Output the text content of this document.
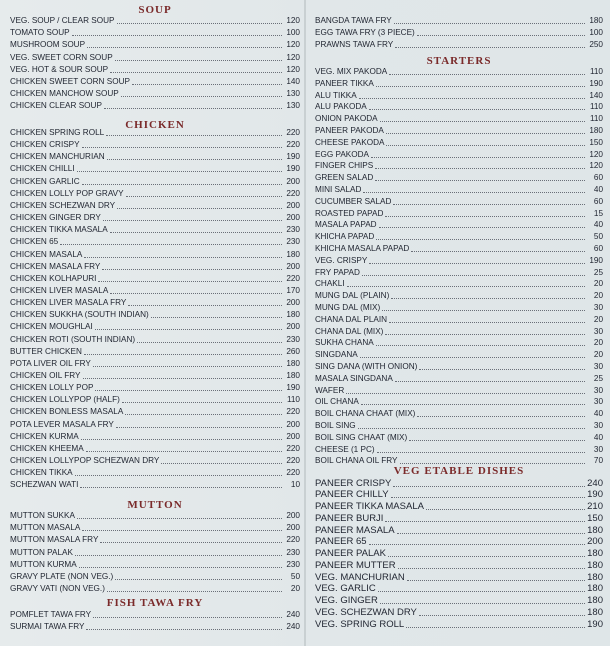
SOUP
VEG. SOUP / CLEAR SOUP	120
TOMATO SOUP	100
MUSHROOM SOUP	120
VEG. SWEET CORN SOUP	120
VEG. HOT & SOUR SOUP	120
CHICKEN SWEET CORN SOUP	140
CHICKEN MANCHOW SOUP	130
CHICKEN CLEAR SOUP	130
CHICKEN
CHICKEN SPRING ROLL	220
CHICKEN CRISPY	220
CHICKEN MANCHURIAN	190
CHICKEN CHILLI	190
CHICKEN GARLIC	200
CHICKEN LOLLY POP GRAVY	220
CHICKEN SCHEZWAN DRY	200
CHICKEN GINGER DRY	200
CHICKEN TIKKA MASALA	230
CHICKEN 65	230
CHICKEN MASALA	180
CHICKEN MASALA FRY	200
CHICKEN KOLHAPURI	220
CHICKEN LIVER MASALA	170
CHICKEN LIVER MASALA FRY	200
CHICKEN SUKKHA (SOUTH INDIAN)	180
CHICKEN MOUGHLAI	200
CHICKEN ROTI (SOUTH INDIAN)	230
BUTTER CHICKEN	260
POTA LIVER OIL FRY	180
CHICKEN OIL FRY	180
CHICKEN LOLLY POP	190
CHICKEN LOLLYPOP (HALF)	110
CHICKEN BONLESS MASALA	220
POTA LEVER MASALA FRY	200
CHICKEN KURMA	200
CHICKEN KHEEMA	220
CHICKEN LOLLYPOP SCHEZWAN DRY	220
CHICKEN TIKKA	220
SCHEZWAN WATI	10
MUTTON
MUTTON SUKKA	200
MUTTON MASALA	200
MUTTON MASALA FRY	220
MUTTON PALAK	230
MUTTON KURMA	230
GRAVY PLATE (NON VEG.)	50
GRAVY VATI (NON VEG.)	20
FISH TAWA FRY
POMFLET TAWA FRY	240
SURMAI TAWA FRY	240
BANGDA TAWA FRY	180
EGG TAWA FRY (3 PIECE)	100
PRAWNS TAWA FRY	250
STARTERS
VEG. MIX PAKODA	110
PANEER TIKKA	190
ALU TIKKA	140
ALU PAKODA	110
ONION PAKODA	110
PANEER PAKODA	180
CHEESE PAKODA	150
EGG PAKODA	120
FINGER CHIPS	120
GREEN SALAD	60
MINI SALAD	40
CUCUMBER SALAD	60
ROASTED PAPAD	15
MASALA PAPAD	40
KHICHA PAPAD	50
KHICHA MASALA PAPAD	60
VEG. CRISPY	190
FRY PAPAD	25
CHAKLI	20
MUNG DAL (PLAIN)	20
MUNG DAL (MIX)	30
CHANA DAL PLAIN	20
CHANA DAL (MIX)	30
SUKHA CHANA	20
SINGDANA	20
SING DANA (WITH ONION)	30
MASALA SINGDANA	25
WAFER	30
OIL CHANA	30
BOIL CHANA CHAAT (MIX)	40
BOIL SING	30
BOIL SING CHAAT (MIX)	40
CHEESE (1 PC)	30
BOIL CHANA OIL FRY	70
VEG ETABLE DISHES
PANEER CRISPY	240
PANEER CHILLY	190
PANEER TIKKA MASALA	210
PANEER BURJI	150
PANEER MASALA	180
PANEER 65	200
PANEER PALAK	180
PANEER MUTTER	180
VEG. MANCHURIAN	180
VEG. GARLIC	180
VEG. GINGER	180
VEG. SCHEZWAN DRY	180
VEG. SPRING ROLL	190
